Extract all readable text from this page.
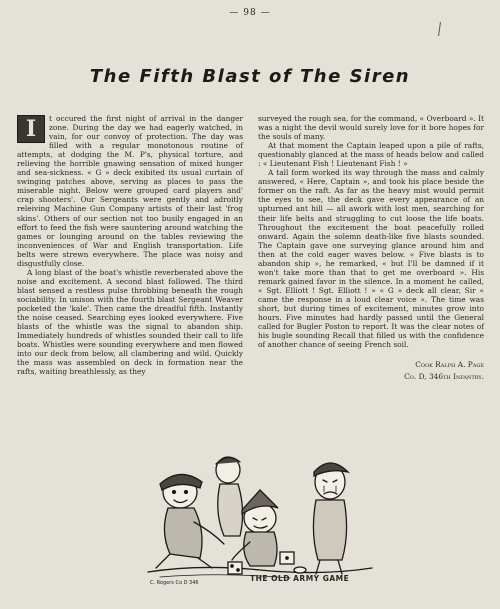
— 98 —
The Fifth Blast of The Siren

I	t occured the first night of arrival in the danger zone. During the day we had eagerly watched, in vain, for our convoy of protection. The day was filled with a regular monotonous routine of attempts, at dodging the M. P's, physical torture, and relieving the horrible gnawing sensation of mixed hunger and sea-sickness. « G » deck exibited its usual curtain of swinging patches above, serving as places to pass the miserable night. Below were grouped card players and' crap shooters'. Our Sergeants were gently and adroitly releiving Machine Gun Company artists of their last 'frog skins'. Others of our section not too busily engaged in an effort to feed the fish were sauntering around watching the games or lounging around on the tables reviewing the inconveniences of War and English transportation. Life belts were strewn everywhere. The place was noisy and disgustfully close.

A long blast of the boat's whistle reverberated above the noise and excitement. A second blast followed. The third blast sensed a restless pulse throbbing beneath the rough sociability. In unison with the fourth blast Sergeant Weaver pocketed the 'kale'. Then came the dreadful fifth. Instantly the noise ceased. Searching eyes looked everywhere. Five blasts of the whistle was the signal to abandon ship. Immediately hundreds of whistles sounded their call to life boats. Whistles were sounding everywhere and men flowed into our deck from below, all clambering and wild. Quickly the mass was assembled on deck in formation near the rafts, waiting breathlessly, as they

surveyed the rough sea, for the command, « Overboard ». It was a night the devil would surely love for it bore hopes for the souls of many.

At that moment the Captain leaped upon a pile of rafts, questionably glanced at the mass of heads below and called : « Lieutenant Fish ! Lieutenant Fish ! »

A tall form worked its way through the mass and calmly answered, « Here, Captain », and took his place beside the former on the raft. As far as the heavy mist would permit the eyes to see, the deck gave every appearance of an upturned ant hill — all awork with lost men, searching for their life belts and struggling to cut loose the life boats. Throughout the excitement the boat peacefully rolled onward. Again the solemn death-like five blasts sounded. The Captain gave one surveying glance around him and then at the cold eager waves below. « Five blasts is to abandon ship », he remarked, « but I'll be damned if it won't take more than that to get me overboard ». His remark gained favor in the silence. In a moment he called, « Sgt. Elliott ! Sgt. Elliott ! » « G » deck all clear, Sir « came the response in a loud clear voice ». The time was short, but during times of excitement, minutes grow into hours. Five minutes had hardly passed until the General called for Bugler Poston to report. It was the clear notes of his bugle sounding Recall that filled us with the confidence of another chance of seeing French soil.

Cook Ralph A. Page
Co. D, 346th Infantry.
C. Rogers Co D 346	THE OLD ARMY GAME
